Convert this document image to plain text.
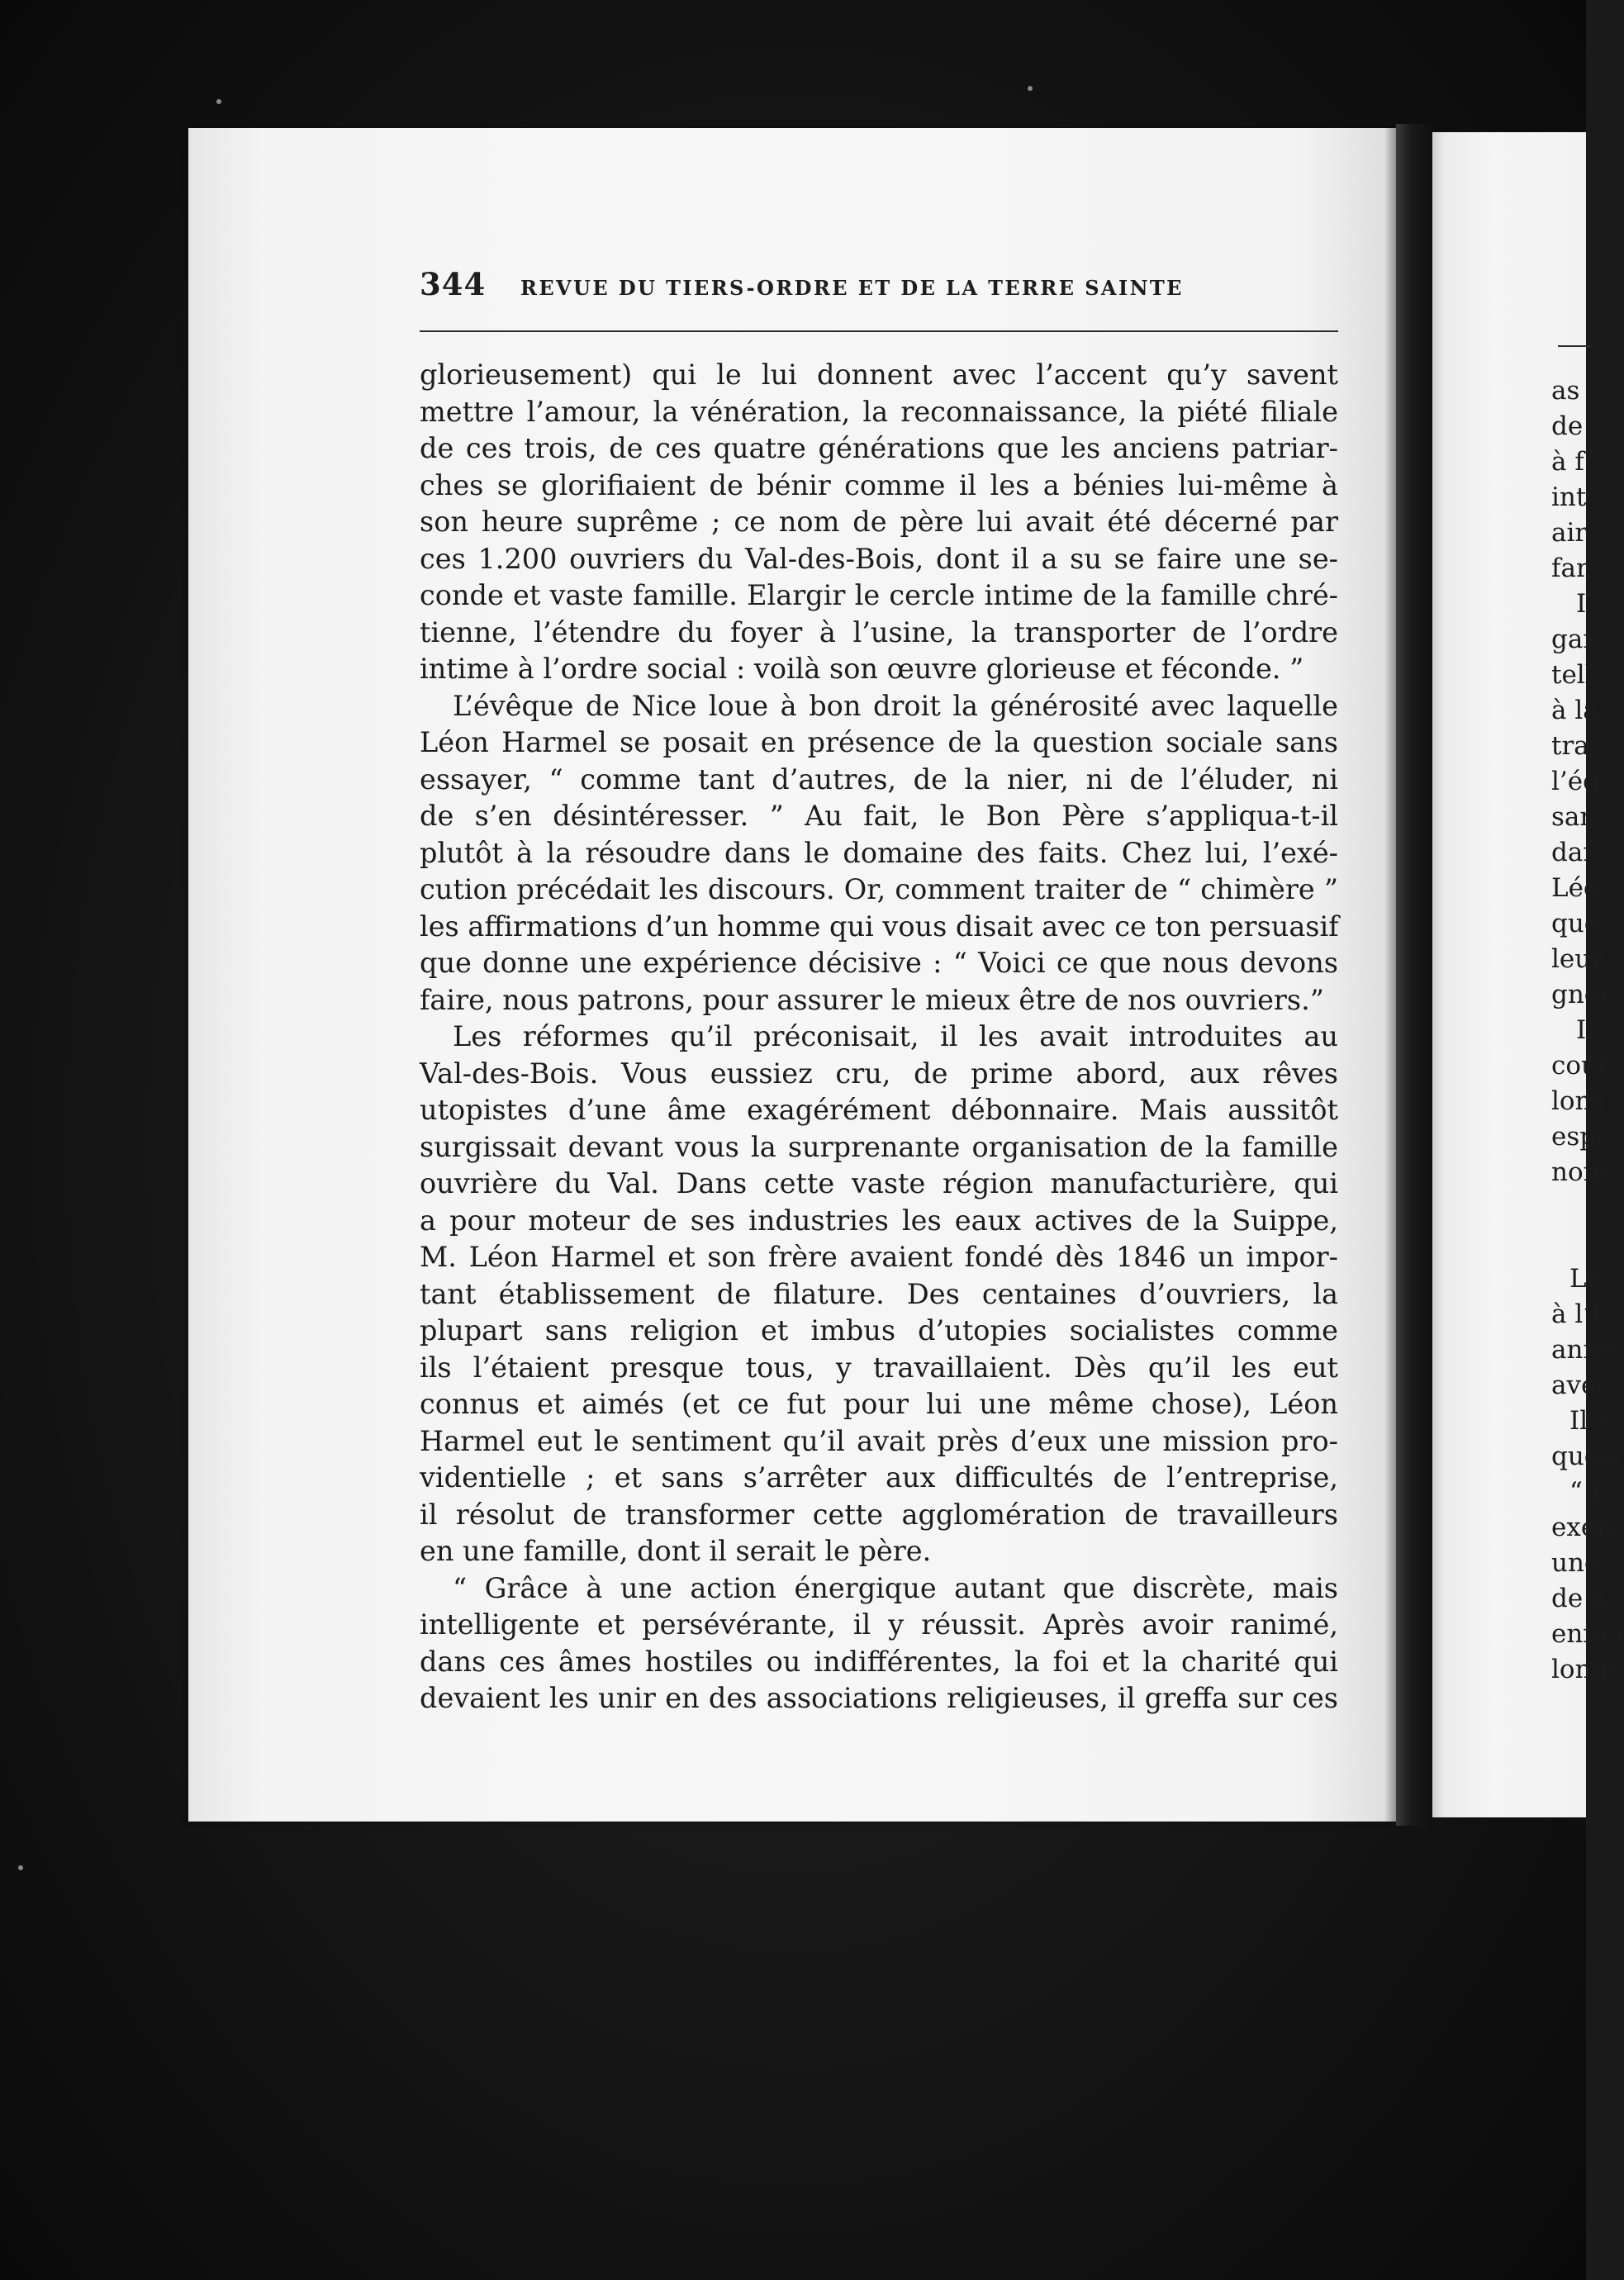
344 REVUE DU TIERS-ORDRE ET DE LA TERRE SAINTE
glorieusement) qui le lui donnent avec l’accent qu’y savent
mettre l’amour, la vénération, la reconnaissance, la piété filiale
de ces trois, de ces quatre générations que les anciens patriar-
ches se glorifiaient de bénir comme il les a bénies lui-même à
son heure suprême ; ce nom de père lui avait été décerné par
ces 1.200 ouvriers du Val-des-Bois, dont il a su se faire une se-
conde et vaste famille. Elargir le cercle intime de la famille chré-
tienne, l’étendre du foyer à l’usine, la transporter de l’ordre
intime à l’ordre social : voilà son œuvre glorieuse et féconde. ”
L’évêque de Nice loue à bon droit la générosité avec laquelle
Léon Harmel se posait en présence de la question sociale sans
essayer, “ comme tant d’autres, de la nier, ni de l’éluder, ni
de s’en désintéresser. ” Au fait, le Bon Père s’appliqua-t-il
plutôt à la résoudre dans le domaine des faits. Chez lui, l’exé-
cution précédait les discours. Or, comment traiter de “ chimère ”
les affirmations d’un homme qui vous disait avec ce ton persuasif
que donne une expérience décisive : “ Voici ce que nous devons
faire, nous patrons, pour assurer le mieux être de nos ouvriers.”
Les réformes qu’il préconisait, il les avait introduites au
Val-des-Bois. Vous eussiez cru, de prime abord, aux rêves
utopistes d’une âme exagérément débonnaire. Mais aussitôt
surgissait devant vous la surprenante organisation de la famille
ouvrière du Val. Dans cette vaste région manufacturière, qui
a pour moteur de ses industries les eaux actives de la Suippe,
M. Léon Harmel et son frère avaient fondé dès 1846 un impor-
tant établissement de filature. Des centaines d’ouvriers, la
plupart sans religion et imbus d’utopies socialistes comme
ils l’étaient presque tous, y travaillaient. Dès qu’il les eut
connus et aimés (et ce fut pour lui une même chose), Léon
Harmel eut le sentiment qu’il avait près d’eux une mission pro-
videntielle ; et sans s’arrêter aux difficultés de l’entreprise,
il résolut de transformer cette agglomération de travailleurs
en une famille, dont il serait le père.
“ Grâce à une action énergique autant que discrète, mais
intelligente et persévérante, il y réussit. Après avoir ranimé,
dans ces âmes hostiles ou indifférentes, la foi et la charité qui
devaient les unir en des associations religieuses, il greffa sur ces
as
de
à f
int
air
far
I
gar
tell
à la
tra
l’éq
san
dar
Léo
que
leur
gner
Il
cour
lons
espr
nom
Le
à l’l
anné
avec
Il a
quels
“ I
exerc
une
de n
enfan
longt
